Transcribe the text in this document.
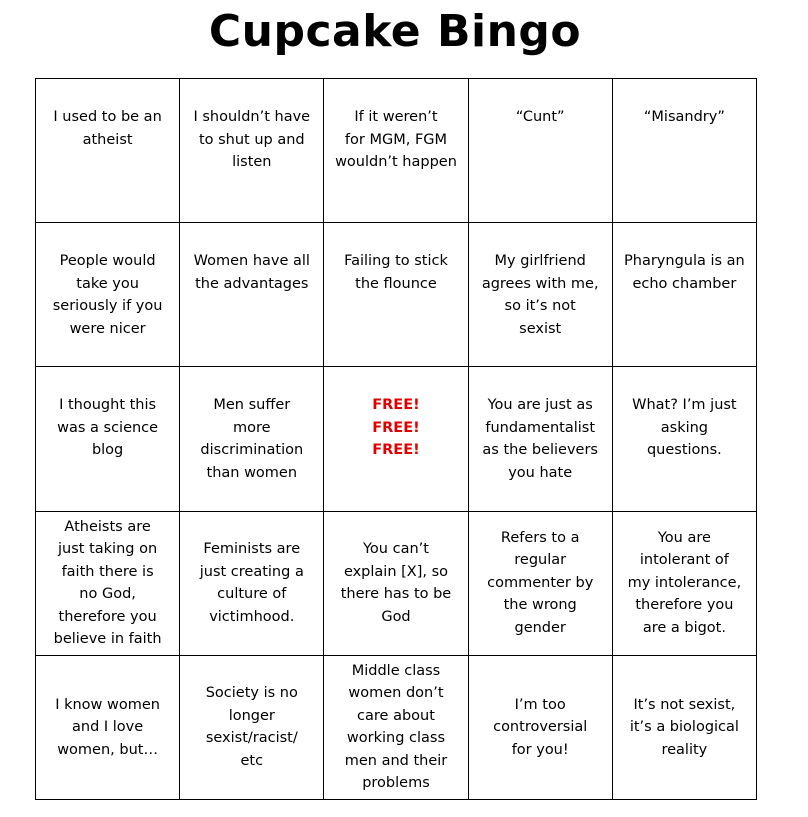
Cupcake Bingo
I used to be an
atheist
I shouldn’t have
to shut up and
listen
If it weren’t
for MGM, FGM
wouldn’t happen
“Cunt”	“Misandry”
People would
take you
seriously if you
were nicer
Women have all
the advantages
Failing to stick
the flounce
My girlfriend
agrees with me,
so it’s not
sexist
Pharyngula is an
echo chamber
I thought this
was a science
blog
Men suffer
more
discrimination
than women
FREE!
FREE!
FREE!
You are just as
fundamentalist
as the believers
you hate
What? I’m just
asking
questions.
Atheists are
just taking on
faith there is
no God,
therefore you
believe in faith
Feminists are
just creating a
culture of
victimhood.
You can’t
explain [X], so
there has to be
God
Refers to a
regular
commenter by
the wrong
gender
You are
intolerant of
my intolerance,
therefore you
are a bigot.
I know women
and I love
women, but…
Society is no
longer
sexist/racist/
etc
Middle class
women don’t
care about
working class
men and their
problems
I’m too
controversial
for you!
It’s not sexist,
it’s a biological
reality
